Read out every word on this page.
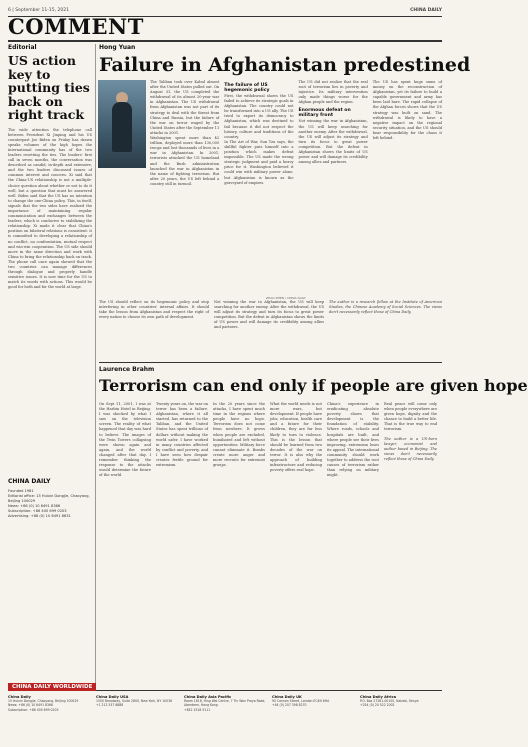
6 | September 11-15, 2021	CHINA DAILY
COMMENT
Editorial
US action key to putting ties back on right track

The wide attention the telephone call between President Xi Jinping and his US counterpart Joe Biden on Friday has drawn speaks volumes of the high hopes the international community has of the two leaders resetting the ties. The leaders' first call in seven months, the conversation was described as candid, in-depth and extensive, and the two leaders discussed issues of common interest and concern. Xi said that the China-US relationship is not a multiple-choice question about whether or not to do it well, but a question that must be answered well. Biden said that the US has no intention to change the one-China policy. This, in itself, signals that the two sides have realized the importance of maintaining regular communication and exchanges between the leaders, which is conducive to stabilizing the relationship. Xi made it clear that China's position on bilateral relations is consistent: it is committed to developing a relationship of no conflict, no confrontation, mutual respect and win-win cooperation. The US side should move in the same direction and work with China to bring the relationship back on track. The phone call once again showed that the two countries can manage differences through dialogue and properly handle sensitive issues. It is now time for the US to match its words with actions. This would be good for both and for the world at large.

CHINA DAILY
Founded 1981
Editorial office: 15 Huixin Dongjie, Chaoyang, Beijing 100029
News: +86 (0) 10 6491 8366
Subscription: +86 400 699 0203
Advertising: +86 (0) 10 6491 8631
Hong Yuan
Failure in Afghanistan predestined
ZHAO ZHEN / CHINA DAILY

The Taliban took over Kabul almost after the United States pulled out. On August 31, the US completed the withdrawal of its almost 20-year war in Afghanistan. The US withdrawal from Afghanistan was not part of its strategy to deal with the threat from China and Russia, but the failure of the war on terror waged by the United States after the September 11 attacks in 2001.

Washington spent more than $2 trillion, deployed more than 130,000 troops and lost thousands of lives in a war in Afghanistan. In 2001, terrorists attacked the US homeland and the Bush administration launched the war in Afghanistan in the name of fighting terrorism. But after 20 years, the US left behind a country still in turmoil.

The failure of US hegemonic policy

First, the withdrawal shows the US failed to achieve its strategic goals in Afghanistan. The country could not be transformed into a US ally. The US tried to export its democracy to Afghanistan, which was destined to fail because it did not respect the history, culture and traditions of the country.

In The Art of War, Sun Tzu says, the skillful fighter puts himself into a position which makes defeat impossible. The US made the wrong strategic judgment and paid a heavy price for it. Washington believed it could win with military power alone, but Afghanistan is known as the graveyard of empires.

The US did not realize that the real root of terrorism lies in poverty and injustice. Its military intervention only made things worse for the Afghan people and the region.

Enormous defeat on military front

Not winning the war in Afghanistan, the US will keep searching for another enemy. After the withdrawal, the US will adjust its strategy and turn its focus to great power competition. But the defeat in Afghanistan shows the limits of US power and will damage its credibility among allies and partners.

The US has spent huge sums of money on the reconstruction of Afghanistan, yet its failure to build a capable government and army has been laid bare. The rapid collapse of the Afghan forces shows that the US strategy was built on sand. The withdrawal is likely to have a negative impact on the regional security situation, and the US should bear responsibility for the chaos it left behind.

The US should reflect on its hegemonic policy and stop interfering in other countries' internal affairs. It should take the lesson from Afghanistan and respect the right of every nation to choose its own path of development.

Not winning the war in Afghanistan, the US will keep searching for another enemy. After the withdrawal, the US will adjust its strategy and turn its focus to great power competition. But the defeat in Afghanistan shows the limits of US power and will damage its credibility among allies and partners.

The author is a research fellow at the Institute of American Studies, the Chinese Academy of Social Sciences. The views don't necessarily reflect those of China Daily.

Laurence Brahm
Terrorism can end only if people are given hope

On Sept 11, 2001, I was at the Harbin Hotel in Beijing. I was shocked by what I saw on the television screen. The reality of what happened that day was hard to believe. The images of the Twin Towers collapsing were shown again and again, and the world changed after that day. I remember thinking the response to the attacks would determine the future of the world.

Twenty years on, the war on terror has been a failure. Afghanistan, where it all started, has returned to the Taliban, and the United States has spent trillions of dollars without making the world safer. I have worked in many countries affected by conflict and poverty, and I have seen how despair creates fertile ground for extremism.

In the 20 years since the attacks, I have spent much time in the regions where people have no hope. Terrorism does not come from nowhere. It grows when people are excluded, humiliated and left without opportunities. Military force cannot eliminate it. Bombs create more anger and more recruits for extremist groups.

What the world needs is not more wars, but development. If people have jobs, education, health care and a future for their children, they are far less likely to turn to violence. This is the lesson that should be learned from two decades of the war on terror. It is also why the approach of building infrastructure and reducing poverty offers real hope.

China's experience in eradicating absolute poverty shows that development is the foundation of stability. Where roads, schools and hospitals are built, and where people see their lives improving, extremism loses its appeal. The international community should work together to address the root causes of terrorism rather than relying on military might.

Real peace will come only when people everywhere are given hope, dignity and the chance to build a better life. That is the true way to end terrorism.

The author is a US-born lawyer, economist and author based in Beijing. The views don't necessarily reflect those of China Daily.

CHINA DAILY WORLDWIDE
China Daily
15 Huixin Dongjie, Chaoyang, Beijing 100029
News: +86 (0) 10 6491 8366
Subscription: +86 400 699 0203
China Daily USA
1500 Broadway, Suite 2800, New York, NY 10036
+1 212 537 8888
China Daily Asia Pacific
Room 1818, Hing Wai Centre, 7 Tin Wan Praya Road, Aberdeen, Hong Kong
+852 2518 5111
China Daily UK
90 Cannon Street, London EC4N 6HA
+44 (0) 207 398 8270
China Daily Africa
P.O. Box 27281-00100, Nairobi, Kenya
+254 (0) 20 522 2002
